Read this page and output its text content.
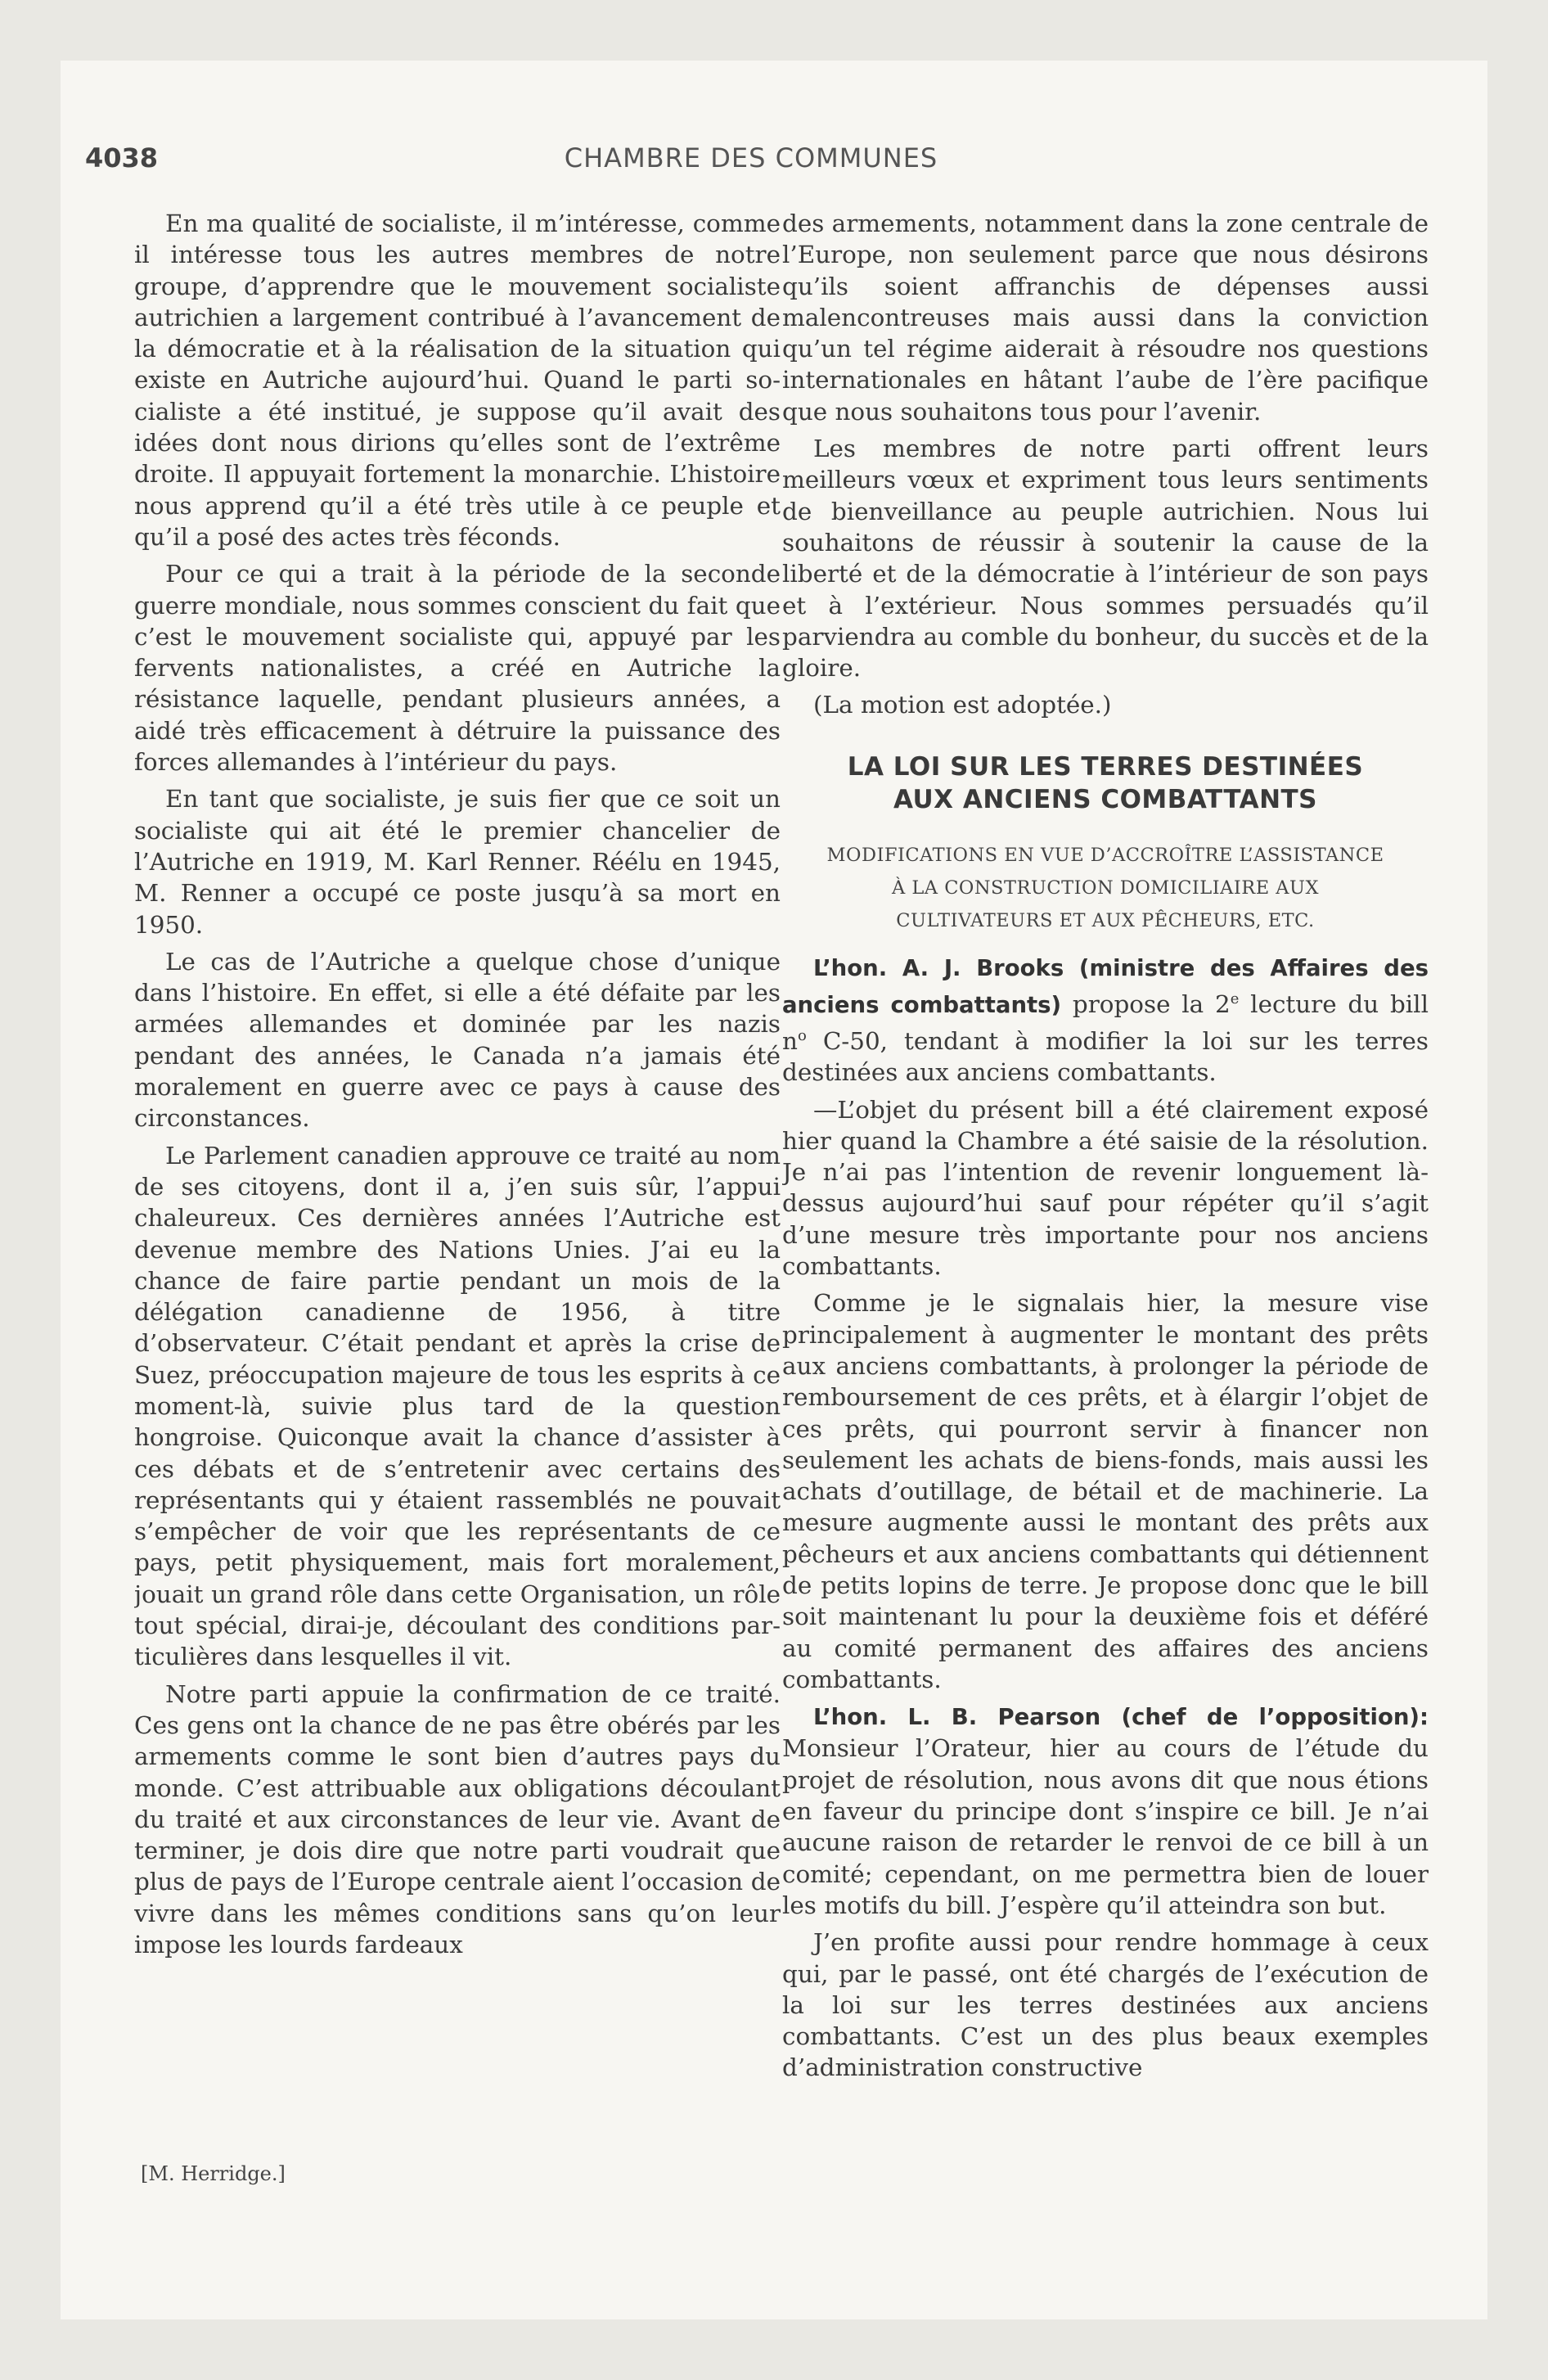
4038	CHAMBRE DES COMMUNES

En ma qualité de socialiste, il m’intéresse, comme il intéresse tous les autres membres de notre groupe, d’apprendre que le mouvement socialiste autrichien a largement contribué à l’avancement de la démocratie et à la réalisation de la situation qui existe en Autriche aujourd’hui. Quand le parti socialiste a été institué, je suppose qu’il avait des idées dont nous dirions qu’elles sont de l’extrême droite. Il appuyait fortement la monarchie. L’histoire nous apprend qu’il a été très utile à ce peuple et qu’il a posé des actes très féconds.

Pour ce qui a trait à la période de la seconde guerre mondiale, nous sommes conscient du fait que c’est le mouvement socialiste qui, appuyé par les fervents nationalistes, a créé en Autriche la résistance laquelle, pendant plusieurs années, a aidé très efficacement à détruire la puissance des forces allemandes à l’intérieur du pays.

En tant que socialiste, je suis fier que ce soit un socialiste qui ait été le premier chancelier de l’Autriche en 1919, M. Karl Renner. Réélu en 1945, M. Renner a occupé ce poste jusqu’à sa mort en 1950.

Le cas de l’Autriche a quelque chose d’unique dans l’histoire. En effet, si elle a été défaite par les armées allemandes et dominée par les nazis pendant des années, le Canada n’a jamais été moralement en guerre avec ce pays à cause des circonstances.

Le Parlement canadien approuve ce traité au nom de ses citoyens, dont il a, j’en suis sûr, l’appui chaleureux. Ces dernières années l’Autriche est devenue membre des Nations Unies. J’ai eu la chance de faire partie pendant un mois de la délégation canadienne de 1956, à titre d’observateur. C’était pendant et après la crise de Suez, préoccupation majeure de tous les esprits à ce moment-là, suivie plus tard de la question hongroise. Quiconque avait la chance d’assister à ces débats et de s’entretenir avec certains des représentants qui y étaient rassemblés ne pouvait s’empêcher de voir que les représentants de ce pays, petit physiquement, mais fort moralement, jouait un grand rôle dans cette Organisation, un rôle tout spécial, dirai-je, découlant des conditions particulières dans lesquelles il vit.

Notre parti appuie la confirmation de ce traité. Ces gens ont la chance de ne pas être obérés par les armements comme le sont bien d’autres pays du monde. C’est attribuable aux obligations découlant du traité et aux circonstances de leur vie. Avant de terminer, je dois dire que notre parti voudrait que plus de pays de l’Europe centrale aient l’occasion de vivre dans les mêmes conditions sans qu’on leur impose les lourds fardeaux

des armements, notamment dans la zone centrale de l’Europe, non seulement parce que nous désirons qu’ils soient affranchis de dépenses aussi malencontreuses mais aussi dans la conviction qu’un tel régime aiderait à résoudre nos questions internationales en hâtant l’aube de l’ère pacifique que nous souhaitons tous pour l’avenir.

Les membres de notre parti offrent leurs meilleurs vœux et expriment tous leurs sentiments de bienveillance au peuple autrichien. Nous lui souhaitons de réussir à soutenir la cause de la liberté et de la démocratie à l’intérieur de son pays et à l’extérieur. Nous sommes persuadés qu’il parviendra au comble du bonheur, du succès et de la gloire.

(La motion est adoptée.)

LA LOI SUR LES TERRES DESTINÉES
AUX ANCIENS COMBATTANTS
MODIFICATIONS EN VUE D’ACCROÎTRE L’ASSISTANCE
À LA CONSTRUCTION DOMICILIAIRE AUX
CULTIVATEURS ET AUX PÊCHEURS, ETC.

L’hon. A. J. Brooks (ministre des Affaires des anciens combattants) propose la 2e lecture du bill $n^o$ C-50, tendant à modifier la loi sur les terres destinées aux anciens combattants.

—L’objet du présent bill a été clairement exposé hier quand la Chambre a été saisie de la résolution. Je n’ai pas l’intention de revenir longuement là-dessus aujourd’hui sauf pour répéter qu’il s’agit d’une mesure très importante pour nos anciens combattants.

Comme je le signalais hier, la mesure vise principalement à augmenter le montant des prêts aux anciens combattants, à prolonger la période de remboursement de ces prêts, et à élargir l’objet de ces prêts, qui pourront servir à financer non seulement les achats de biens-fonds, mais aussi les achats d’outillage, de bétail et de machinerie. La mesure augmente aussi le montant des prêts aux pêcheurs et aux anciens combattants qui détiennent de petits lopins de terre. Je propose donc que le bill soit maintenant lu pour la deuxième fois et déféré au comité permanent des affaires des anciens combattants.

L’hon. L. B. Pearson (chef de l’opposition): Monsieur l’Orateur, hier au cours de l’étude du projet de résolution, nous avons dit que nous étions en faveur du principe dont s’inspire ce bill. Je n’ai aucune raison de retarder le renvoi de ce bill à un comité; cependant, on me permettra bien de louer les motifs du bill. J’espère qu’il atteindra son but.

J’en profite aussi pour rendre hommage à ceux qui, par le passé, ont été chargés de l’exécution de la loi sur les terres destinées aux anciens combattants. C’est un des plus beaux exemples d’administration constructive

[M. Herridge.]
